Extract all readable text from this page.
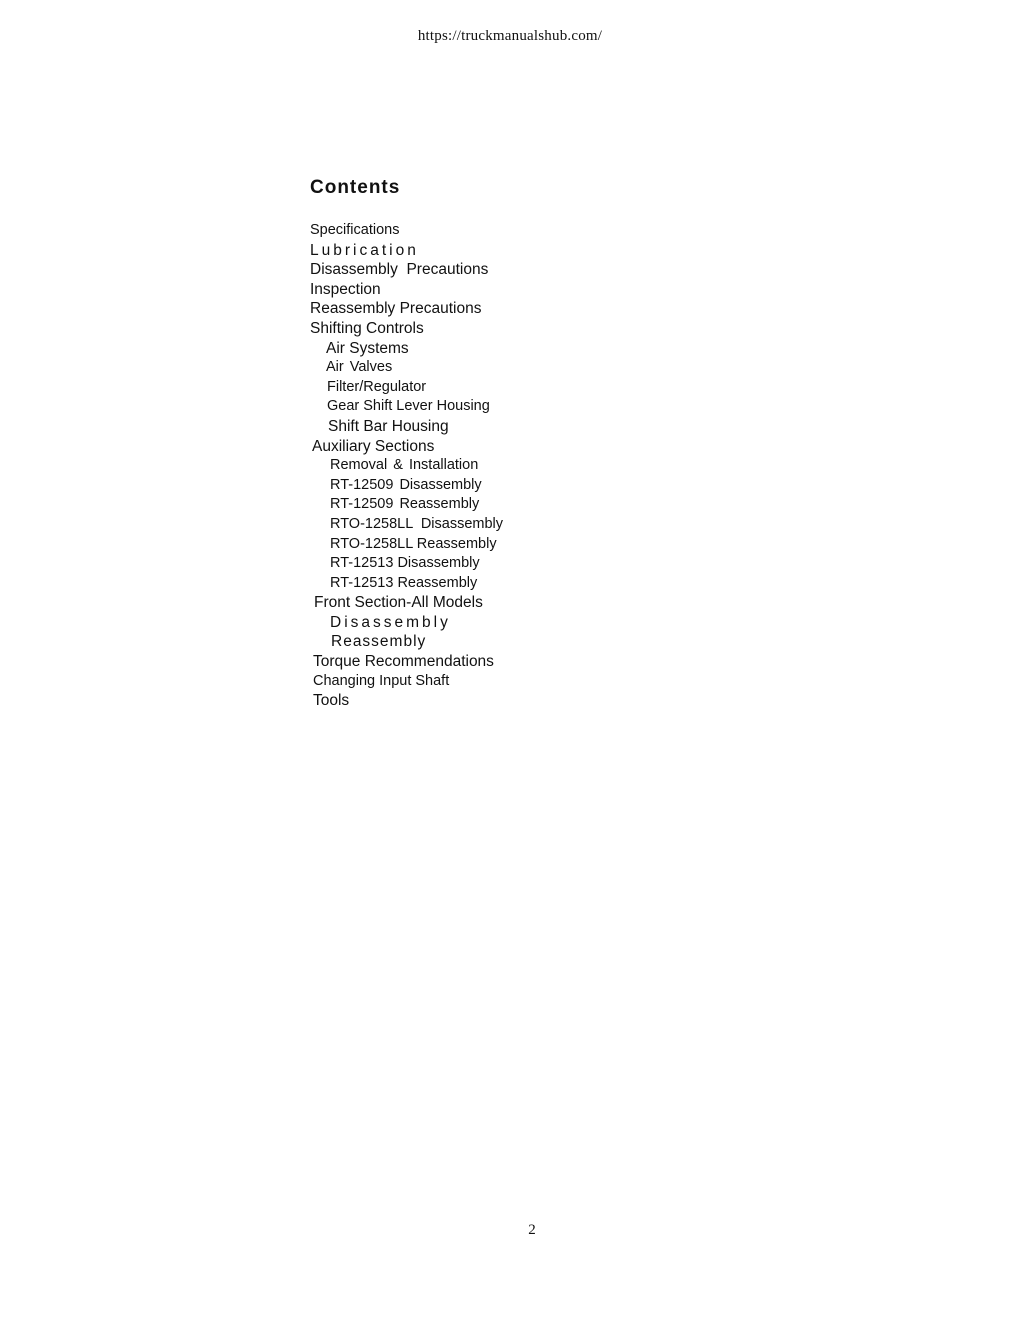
https://truckmanualshub.com/
Contents
Specifications
Lubrication
Disassembly  Precautions
Inspection
Reassembly Precautions
Shifting Controls
Air Systems
Air Valves
Filter/Regulator
Gear Shift Lever Housing
Shift Bar Housing
Auxiliary Sections
Removal & Installation
RT-12509 Disassembly
RT-12509 Reassembly
RTO-1258LL  Disassembly
RTO-1258LL Reassembly
RT-12513 Disassembly
RT-12513 Reassembly
Front Section-All Models
Disassembly
Reassembly
Torque Recommendations
Changing Input Shaft
Tools
2
